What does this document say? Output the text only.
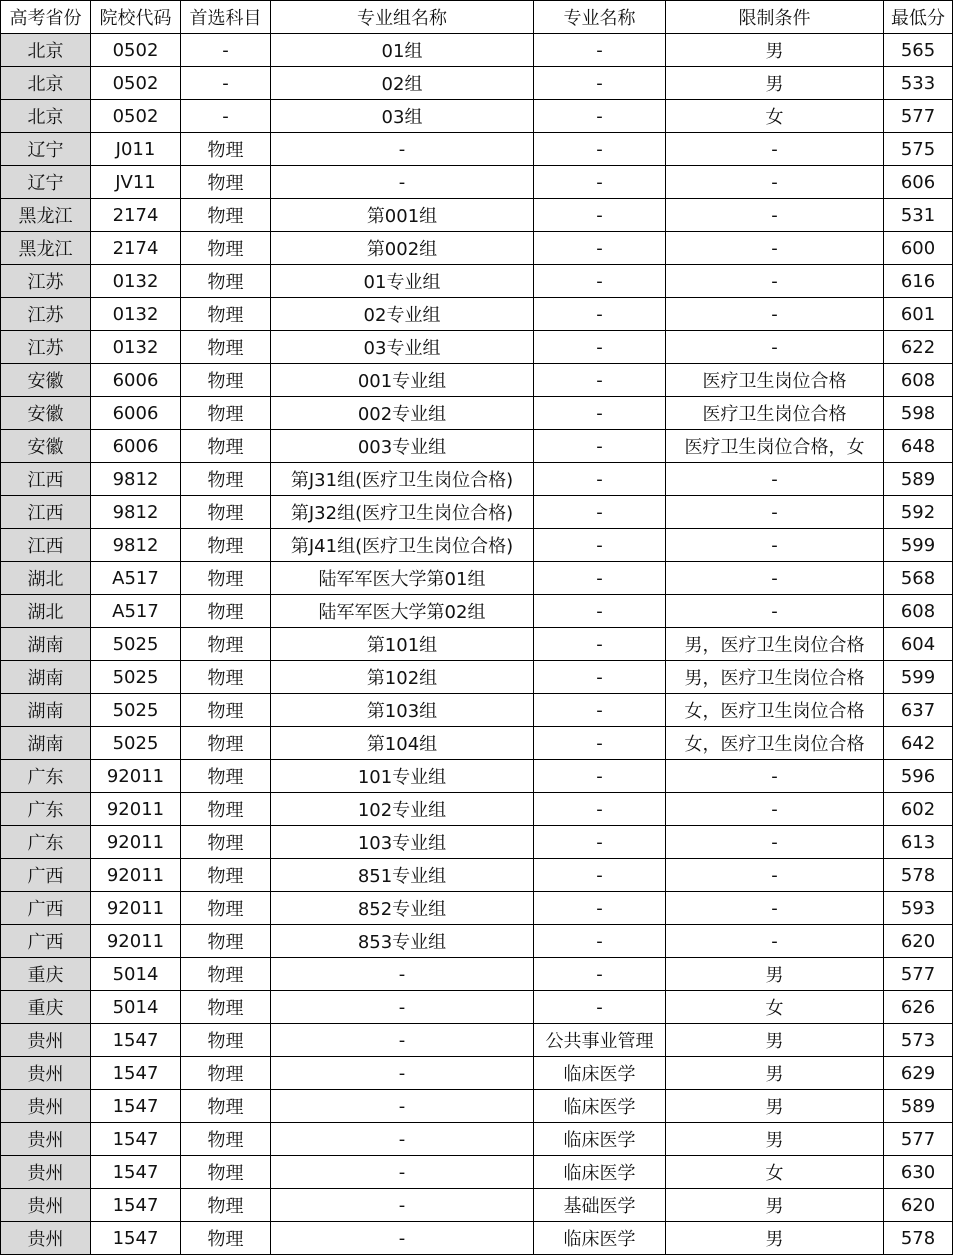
高考省份	院校代码	首选科目	专业组名称	专业名称	限制条件	最低分
北京	0502	-	01组	-	男	565
北京	0502	-	02组	-	男	533
北京	0502	-	03组	-	女	577
辽宁	J011	物理	-	-	-	575
辽宁	JV11	物理	-	-	-	606
黑龙江	2174	物理	第001组	-	-	531
黑龙江	2174	物理	第002组	-	-	600
江苏	0132	物理	01专业组	-	-	616
江苏	0132	物理	02专业组	-	-	601
江苏	0132	物理	03专业组	-	-	622
安徽	6006	物理	001专业组	-	医疗卫生岗位合格	608
安徽	6006	物理	002专业组	-	医疗卫生岗位合格	598
安徽	6006	物理	003专业组	-	医疗卫生岗位合格，女	648
江西	9812	物理	第J31组(医疗卫生岗位合格)	-	-	589
江西	9812	物理	第J32组(医疗卫生岗位合格)	-	-	592
江西	9812	物理	第J41组(医疗卫生岗位合格)	-	-	599
湖北	A517	物理	陆军军医大学第01组	-	-	568
湖北	A517	物理	陆军军医大学第02组	-	-	608
湖南	5025	物理	第101组	-	男，医疗卫生岗位合格	604
湖南	5025	物理	第102组	-	男，医疗卫生岗位合格	599
湖南	5025	物理	第103组	-	女，医疗卫生岗位合格	637
湖南	5025	物理	第104组	-	女，医疗卫生岗位合格	642
广东	92011	物理	101专业组	-	-	596
广东	92011	物理	102专业组	-	-	602
广东	92011	物理	103专业组	-	-	613
广西	92011	物理	851专业组	-	-	578
广西	92011	物理	852专业组	-	-	593
广西	92011	物理	853专业组	-	-	620
重庆	5014	物理	-	-	男	577
重庆	5014	物理	-	-	女	626
贵州	1547	物理	-	公共事业管理	男	573
贵州	1547	物理	-	临床医学	男	629
贵州	1547	物理	-	临床医学	男	589
贵州	1547	物理	-	临床医学	男	577
贵州	1547	物理	-	临床医学	女	630
贵州	1547	物理	-	基础医学	男	620
贵州	1547	物理	-	临床医学	男	578
